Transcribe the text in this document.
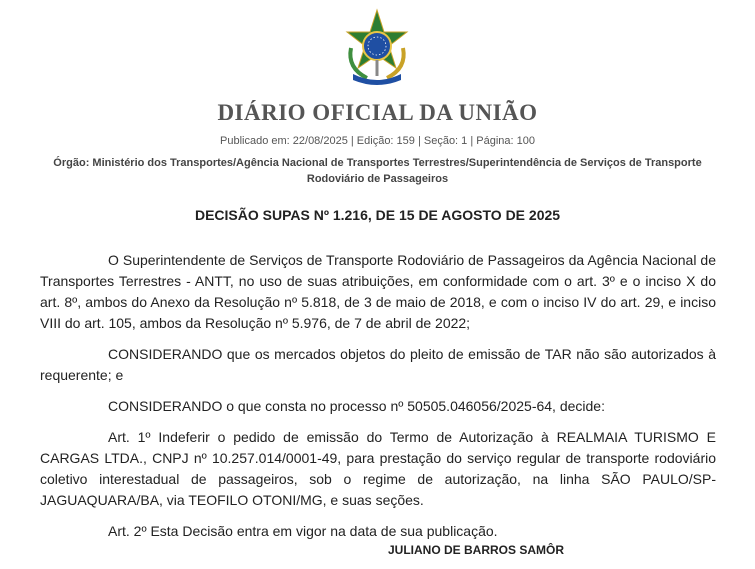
DIÁRIO OFICIAL DA UNIÃO
Publicado em: 22/08/2025 | Edição: 159 | Seção: 1 | Página: 100
Órgão: Ministério dos Transportes/Agência Nacional de Transportes Terrestres/Superintendência de Serviços de Transporte Rodoviário de Passageiros
DECISÃO SUPAS Nº 1.216, DE 15 DE AGOSTO DE 2025

O Superintendente de Serviços de Transporte Rodoviário de Passageiros da Agência Nacional de Transportes Terrestres - ANTT, no uso de suas atribuições, em conformidade com o art. 3º e o inciso X do art. 8º, ambos do Anexo da Resolução nº 5.818, de 3 de maio de 2018, e com o inciso IV do art. 29, e inciso VIII do art. 105, ambos da Resolução nº 5.976, de 7 de abril de 2022;

CONSIDERANDO que os mercados objetos do pleito de emissão de TAR não são autorizados à requerente; e

CONSIDERANDO o que consta no processo nº 50505.046056/2025-64, decide:

Art. 1º Indeferir o pedido de emissão do Termo de Autorização à REALMAIA TURISMO E CARGAS LTDA., CNPJ nº 10.257.014/0001-49, para prestação do serviço regular de transporte rodoviário coletivo interestadual de passageiros, sob o regime de autorização, na linha SÃO PAULO/SP-JAGUAQUARA/BA, via TEOFILO OTONI/MG, e suas seções.

Art. 2º Esta Decisão entra em vigor na data de sua publicação.

JULIANO DE BARROS SAMÔR
